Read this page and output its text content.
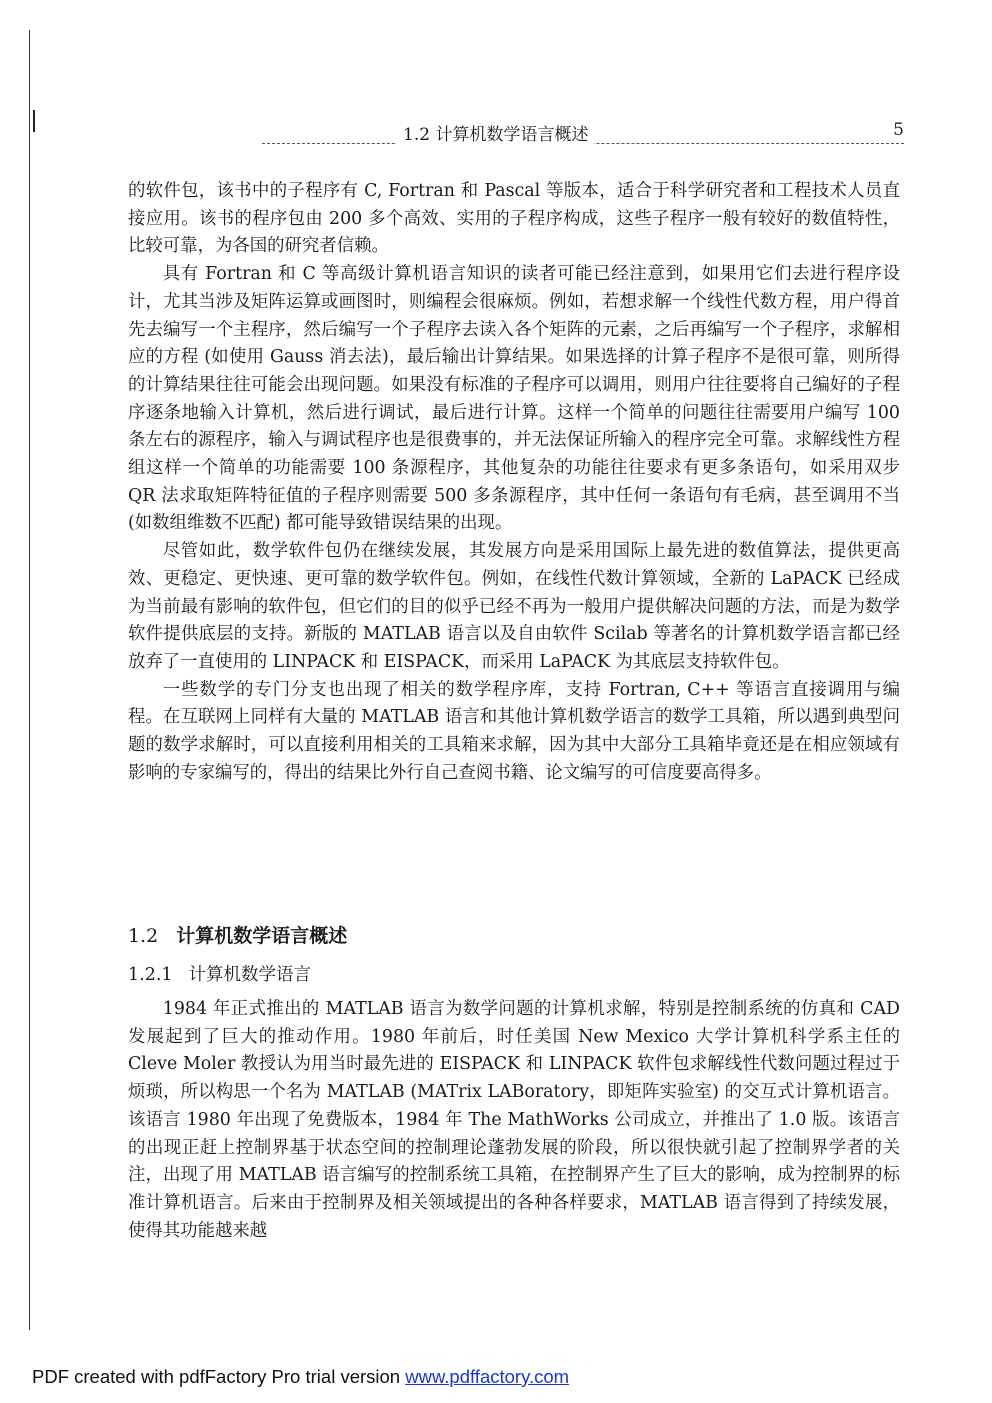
1.2 计算机数学语言概述	5

的软件包，该书中的子程序有 C, Fortran 和 Pascal 等版本，适合于科学研究者和工程技术人员直接应用。该书的程序包由 200 多个高效、实用的子程序构成，这些子程序一般有较好的数值特性，比较可靠，为各国的研究者信赖。

具有 Fortran 和 C 等高级计算机语言知识的读者可能已经注意到，如果用它们去进行程序设计，尤其当涉及矩阵运算或画图时，则编程会很麻烦。例如，若想求解一个线性代数方程，用户得首先去编写一个主程序，然后编写一个子程序去读入各个矩阵的元素，之后再编写一个子程序，求解相应的方程 (如使用 Gauss 消去法)，最后输出计算结果。如果选择的计算子程序不是很可靠，则所得的计算结果往往可能会出现问题。如果没有标准的子程序可以调用，则用户往往要将自己编好的子程序逐条地输入计算机，然后进行调试，最后进行计算。这样一个简单的问题往往需要用户编写 100 条左右的源程序，输入与调试程序也是很费事的，并无法保证所输入的程序完全可靠。求解线性方程组这样一个简单的功能需要 100 条源程序，其他复杂的功能往往要求有更多条语句，如采用双步 QR 法求取矩阵特征值的子程序则需要 500 多条源程序，其中任何一条语句有毛病，甚至调用不当 (如数组维数不匹配) 都可能导致错误结果的出现。

尽管如此，数学软件包仍在继续发展，其发展方向是采用国际上最先进的数值算法，提供更高效、更稳定、更快速、更可靠的数学软件包。例如，在线性代数计算领域，全新的 LaPACK 已经成为当前最有影响的软件包，但它们的目的似乎已经不再为一般用户提供解决问题的方法，而是为数学软件提供底层的支持。新版的 MATLAB 语言以及自由软件 Scilab 等著名的计算机数学语言都已经放弃了一直使用的 LINPACK 和 EISPACK，而采用 LaPACK 为其底层支持软件包。

一些数学的专门分支也出现了相关的数学程序库，支持 Fortran, C++ 等语言直接调用与编程。在互联网上同样有大量的 MATLAB 语言和其他计算机数学语言的数学工具箱，所以遇到典型问题的数学求解时，可以直接利用相关的工具箱来求解，因为其中大部分工具箱毕竟还是在相应领域有影响的专家编写的，得出的结果比外行自己查阅书籍、论文编写的可信度要高得多。

1.2 计算机数学语言概述
1.2.1 计算机数学语言

1984 年正式推出的 MATLAB 语言为数学问题的计算机求解，特别是控制系统的仿真和 CAD 发展起到了巨大的推动作用。1980 年前后，时任美国 New Mexico 大学计算机科学系主任的 Cleve Moler 教授认为用当时最先进的 EISPACK 和 LINPACK 软件包求解线性代数问题过程过于烦琐，所以构思一个名为 MATLAB (MATrix LABoratory，即矩阵实验室) 的交互式计算机语言。该语言 1980 年出现了免费版本，1984 年 The MathWorks 公司成立，并推出了 1.0 版。该语言的出现正赶上控制界基于状态空间的控制理论蓬勃发展的阶段，所以很快就引起了控制界学者的关注，出现了用 MATLAB 语言编写的控制系统工具箱，在控制界产生了巨大的影响，成为控制界的标准计算机语言。后来由于控制界及相关领域提出的各种各样要求，MATLAB 语言得到了持续发展，使得其功能越来越

PDF created with pdfFactory Pro trial version www.pdffactory.com
